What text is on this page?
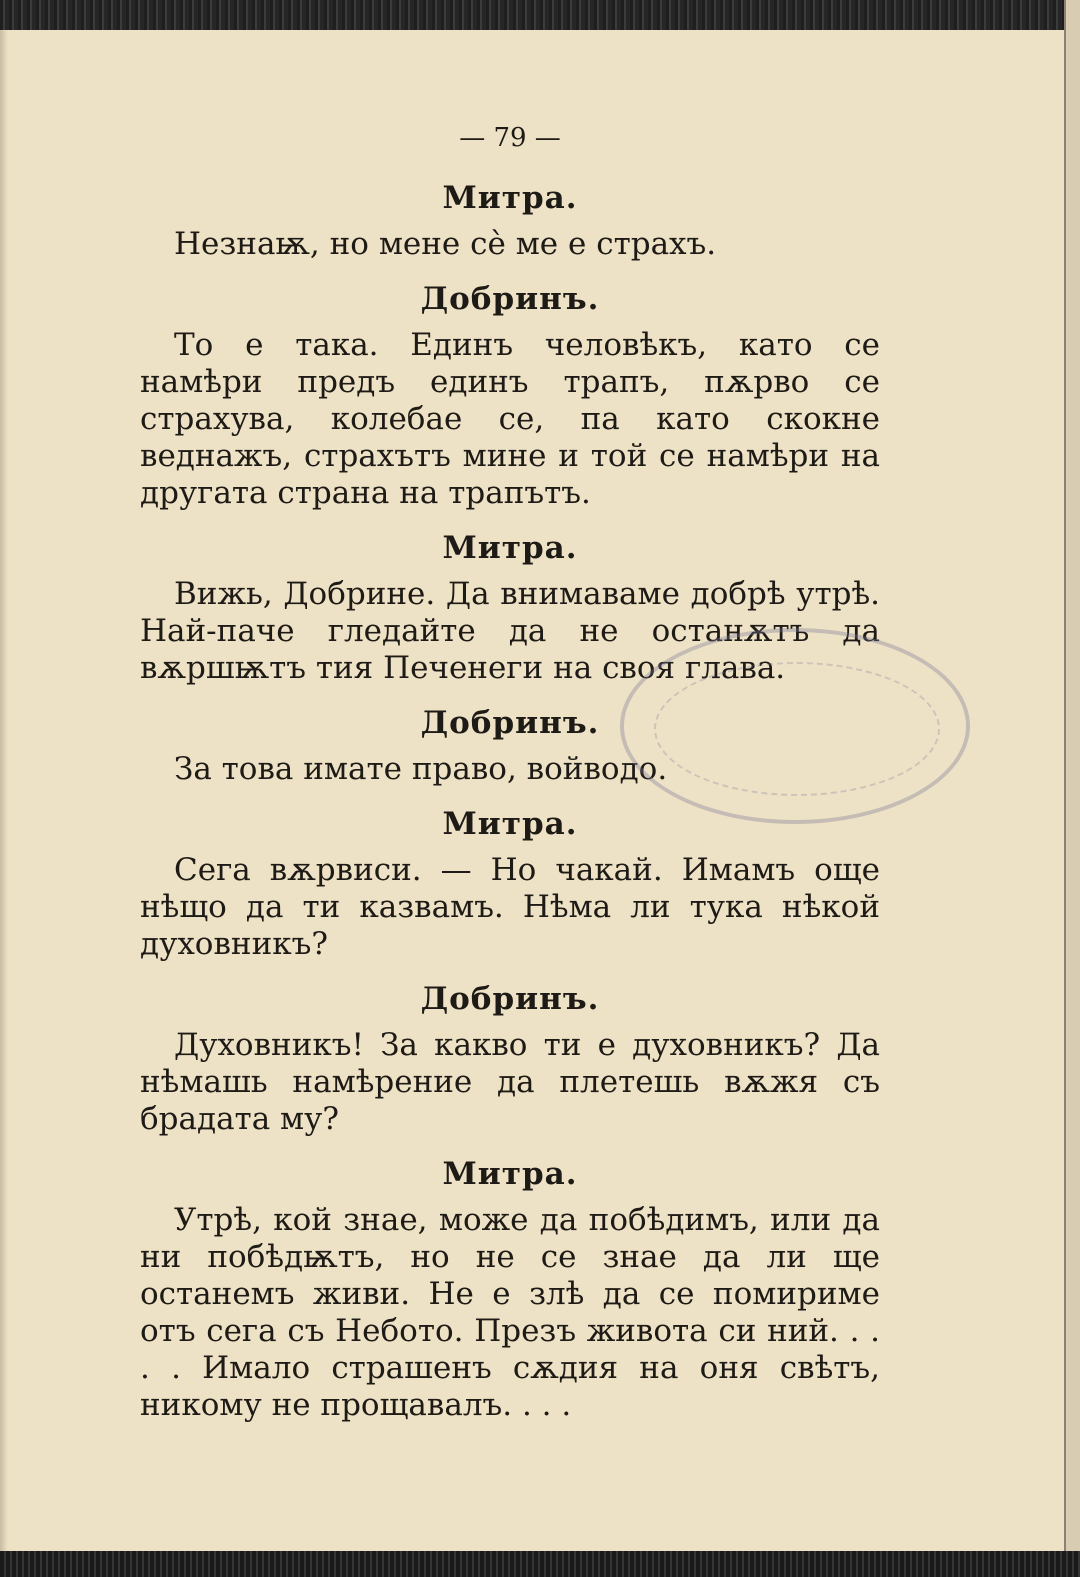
— 79 —
Митра.

Незнаѭ, но мене сѐ ме е страхъ.

Добринъ.

То е така. Единъ человѣкъ, като се намѣри предъ единъ трапъ, пѫрво се страхува, колебае се, па като скокне веднажъ, страхътъ мине и той се намѣри на другата страна на трапътъ.

Митра.

Вижь, Добрине. Да внимаваме добрѣ утрѣ. Най-паче гледайте да не останѫтъ да вѫршѭтъ тия Печенеги на своя глава.

Добринъ.

За това имате право, войводо.

Митра.

Сега вѫрвиси. — Но чакай. Имамъ още нѣщо да ти казвамъ. Нѣма ли тука нѣкой духовникъ?

Добринъ.

Духовникъ! За какво ти е духовникъ? Да нѣмашь намѣрение да плетешь вѫжя съ брадата му?

Митра.

Утрѣ, кой знае, може да побѣдимъ, или да ни побѣдѭтъ, но не се знае да ли ще останемъ живи. Не е злѣ да се помириме отъ сега съ Небото. Презъ живота си ний. . . . . Имало страшенъ сѫдия на оня свѣтъ, никому не прощавалъ. . . .
